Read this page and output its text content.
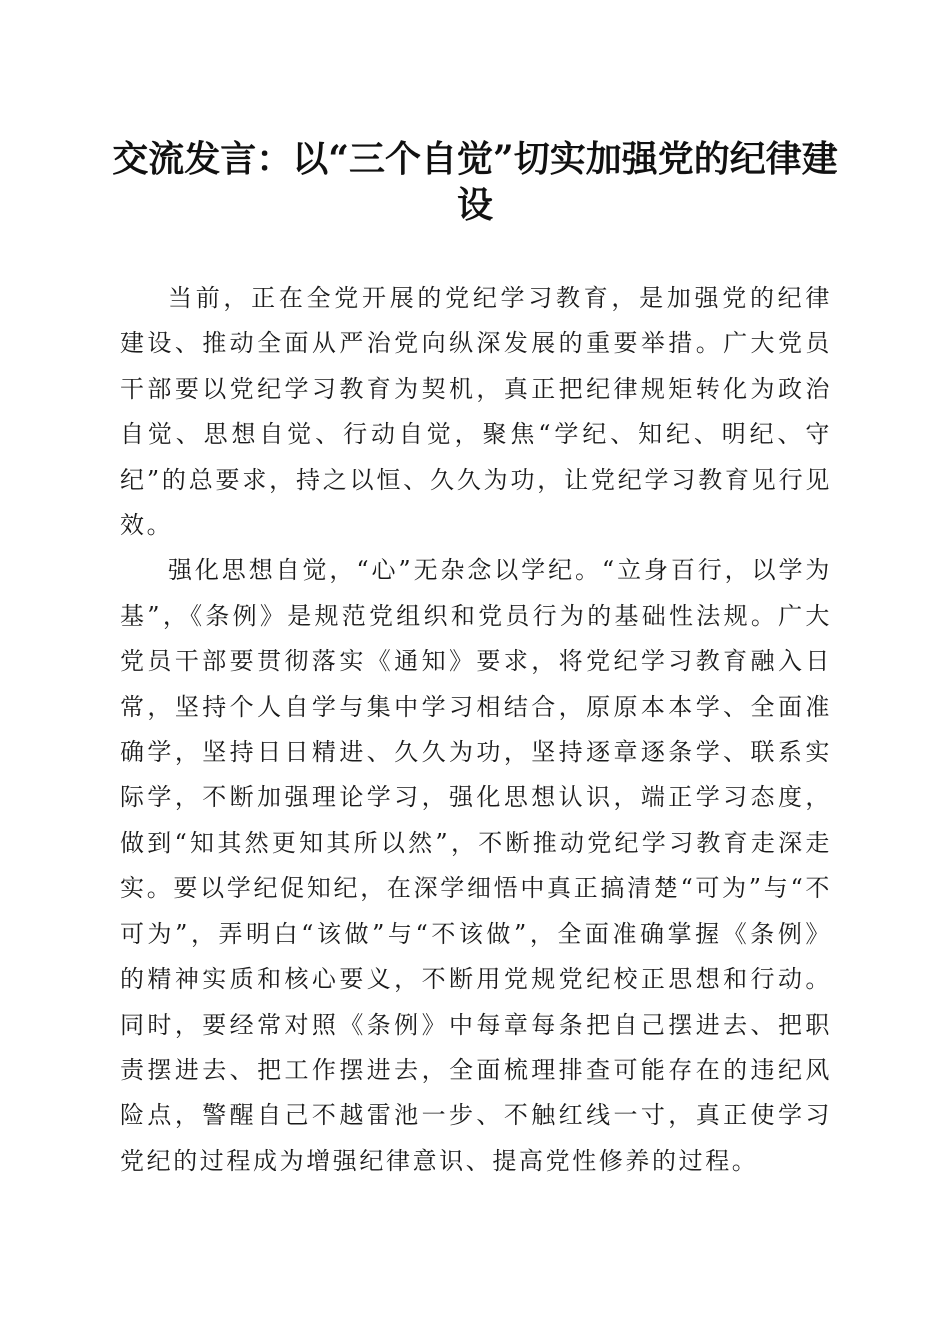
交流发言：以“三个自觉”切实加强党的纪律建设

当前，正在全党开展的党纪学习教育，是加强党的纪律建设、推动全面从严治党向纵深发展的重要举措。广大党员干部要以党纪学习教育为契机，真正把纪律规矩转化为政治自觉、思想自觉、行动自觉，聚焦“学纪、知纪、明纪、守纪”的总要求，持之以恒、久久为功，让党纪学习教育见行见效。

强化思想自觉，“心”无杂念以学纪。“立身百行，以学为基”，《条例》是规范党组织和党员行为的基础性法规。广大党员干部要贯彻落实《通知》要求，将党纪学习教育融入日常，坚持个人自学与集中学习相结合，原原本本学、全面准确学，坚持日日精进、久久为功，坚持逐章逐条学、联系实际学，不断加强理论学习，强化思想认识，端正学习态度，做到“知其然更知其所以然”，不断推动党纪学习教育走深走实。要以学纪促知纪，在深学细悟中真正搞清楚“可为”与“不可为”，弄明白“该做”与“不该做”，全面准确掌握《条例》的精神实质和核心要义，不断用党规党纪校正思想和行动。同时，要经常对照《条例》中每章每条把自己摆进去、把职责摆进去、把工作摆进去，全面梳理排查可能存在的违纪风险点，警醒自己不越雷池一步、不触红线一寸，真正使学习党纪的过程成为增强纪律意识、提高党性修养的过程。
